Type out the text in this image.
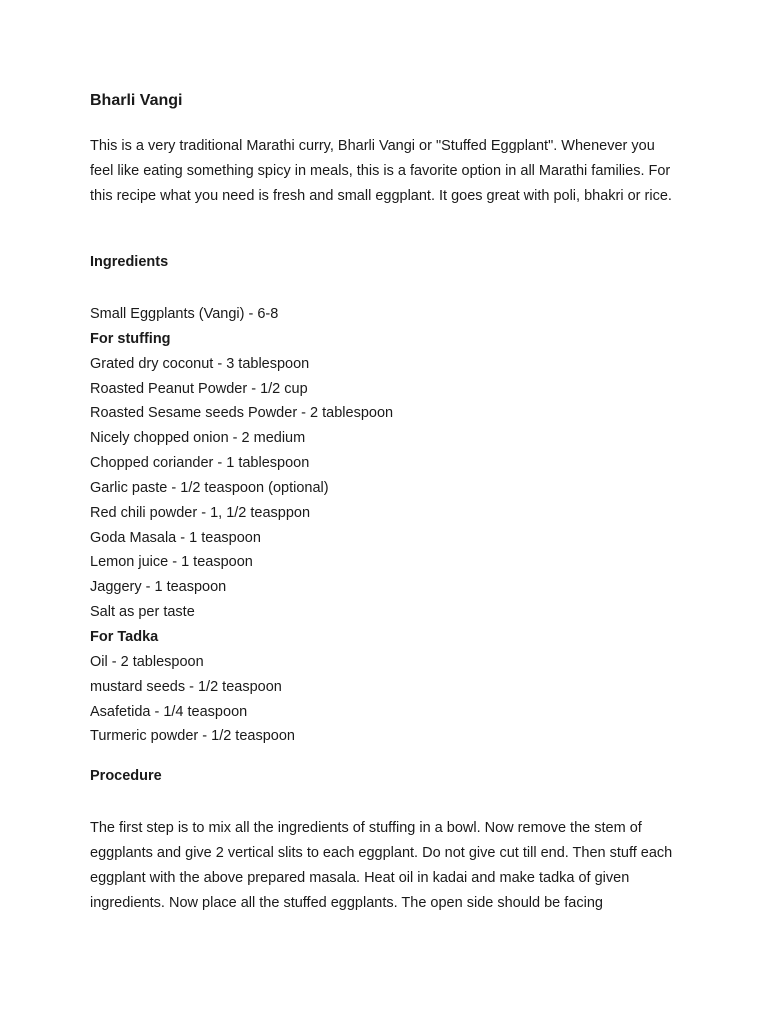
Bharli Vangi

This is a very traditional Marathi curry, Bharli Vangi or "Stuffed Eggplant". Whenever you feel like eating something spicy in meals, this is a favorite option in all Marathi families. For this recipe what you need is fresh and small eggplant. It goes great with poli, bhakri or rice.

Ingredients

Small Eggplants (Vangi) - 6-8
For stuffing
Grated dry coconut - 3 tablespoon
Roasted Peanut Powder - 1/2 cup
Roasted Sesame seeds Powder - 2 tablespoon
Nicely chopped onion - 2 medium
Chopped coriander - 1 tablespoon
Garlic paste - 1/2 teaspoon (optional)
Red chili powder - 1, 1/2 teasppon
Goda Masala - 1 teaspoon
Lemon juice - 1 teaspoon
Jaggery - 1 teaspoon
Salt as per taste
For Tadka
Oil - 2 tablespoon
mustard seeds - 1/2 teaspoon
Asafetida - 1/4 teaspoon
Turmeric powder - 1/2 teaspoon

Procedure

The first step is to mix all the ingredients of stuffing in a bowl. Now remove the stem of eggplants and give 2 vertical slits to each eggplant. Do not give cut till end. Then stuff each eggplant with the above prepared masala. Heat oil in kadai and make tadka of given ingredients. Now place all the stuffed eggplants. The open side should be facing
